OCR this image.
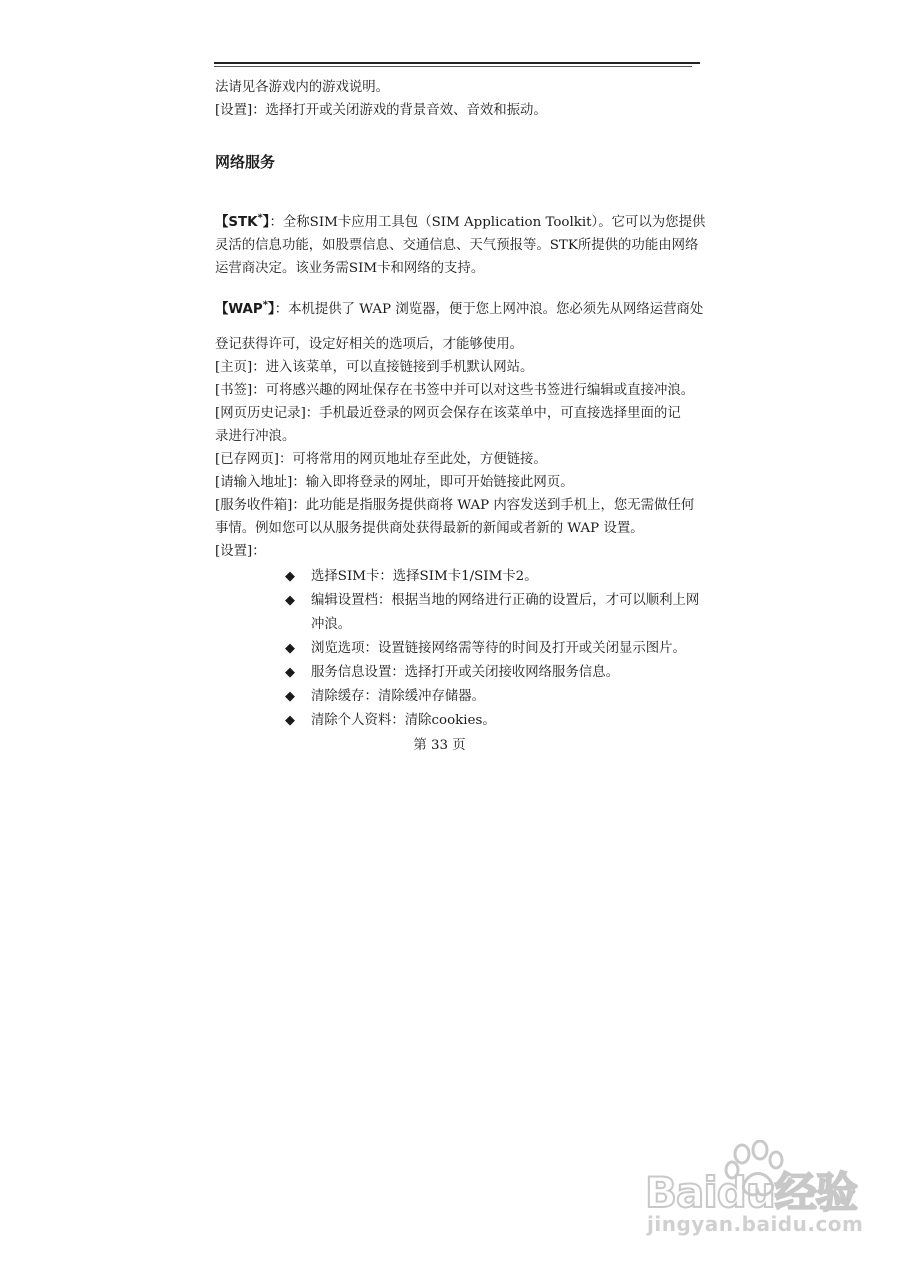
法请见各游戏内的游戏说明。
[设置]：选择打开或关闭游戏的背景音效、音效和振动。
网络服务
【STK*】：全称SIM卡应用工具包（SIM Application Toolkit）。它可以为您提供
灵活的信息功能，如股票信息、交通信息、天气预报等。STK所提供的功能由网络
运营商决定。该业务需SIM卡和网络的支持。
【WAP*】：本机提供了 WAP 浏览器，便于您上网冲浪。您必须先从网络运营商处
登记获得许可，设定好相关的选项后，才能够使用。
[主页]：进入该菜单，可以直接链接到手机默认网站。
[书签]：可将感兴趣的网址保存在书签中并可以对这些书签进行编辑或直接冲浪。
[网页历史记录]：手机最近登录的网页会保存在该菜单中，可直接选择里面的记
录进行冲浪。
[已存网页]：可将常用的网页地址存至此处，方便链接。
[请输入地址]：输入即将登录的网址，即可开始链接此网页。
[服务收件箱]：此功能是指服务提供商将 WAP 内容发送到手机上，您无需做任何
事情。例如您可以从服务提供商处获得最新的新闻或者新的 WAP 设置。
[设置]：
◆ 选择SIM卡：选择SIM卡1/SIM卡2。
◆ 编辑设置档：根据当地的网络进行正确的设置后，才可以顺利上网冲浪。
◆ 浏览选项：设置链接网络需等待的时间及打开或关闭显示图片。
◆ 服务信息设置：选择打开或关闭接收网络服务信息。
◆ 清除缓存：清除缓冲存储器。
◆ 清除个人资料：清除cookies。
第 33 页
Baidu经验
jingyan.baidu.com
